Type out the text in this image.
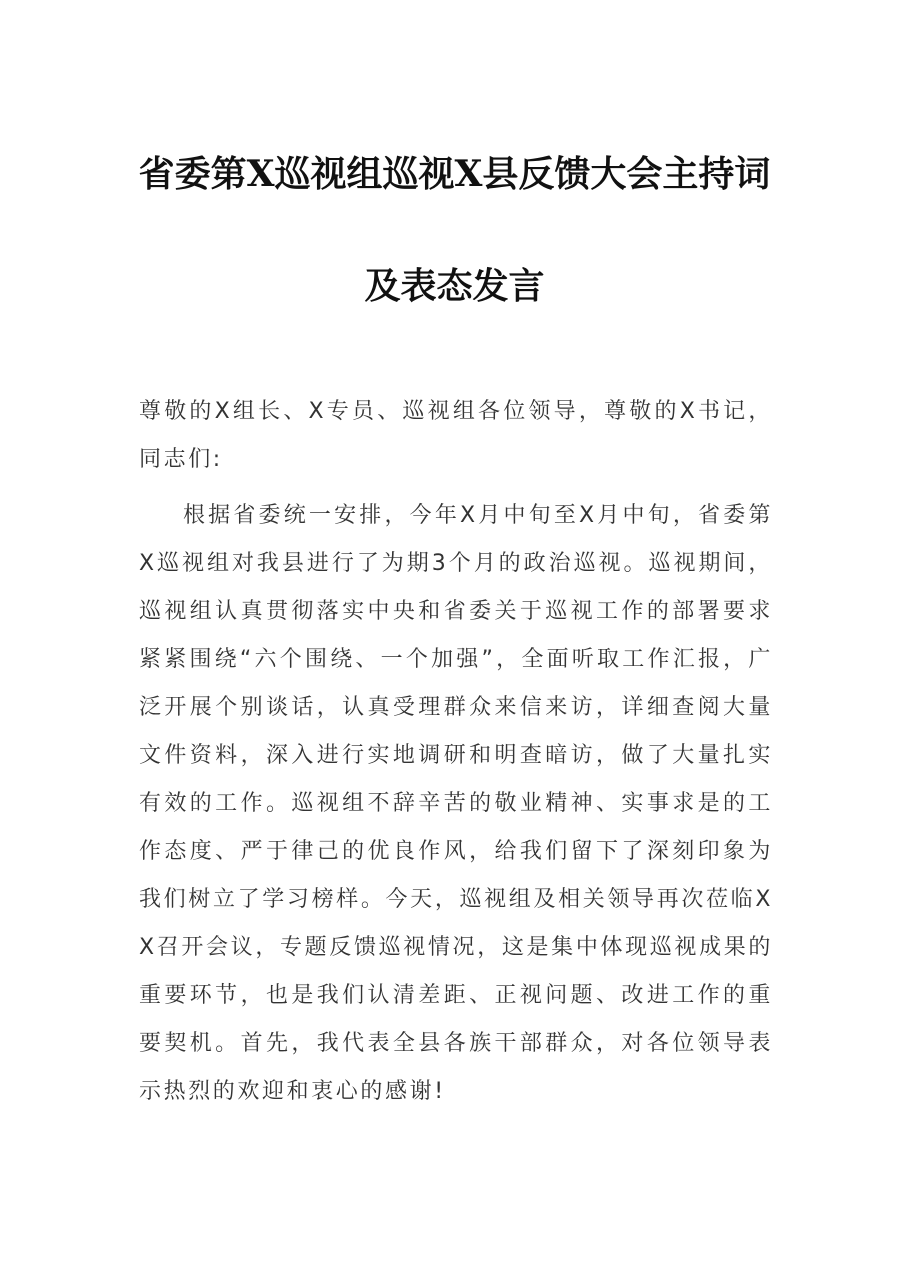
省委第X巡视组巡视X县反馈大会主持词
及表态发言

尊敬的X组长、X专员、巡视组各位领导，尊敬的X书记，同志们:

根据省委统一安排，今年X月中旬至X月中旬，省委第X巡视组对我县进行了为期3个月的政治巡视。巡视期间，巡视组认真贯彻落实中央和省委关于巡视工作的部署要求紧紧围绕“六个围绕、一个加强”，全面听取工作汇报，广泛开展个别谈话，认真受理群众来信来访，详细查阅大量文件资料，深入进行实地调研和明查暗访，做了大量扎实有效的工作。巡视组不辞辛苦的敬业精神、实事求是的工作态度、严于律己的优良作风，给我们留下了深刻印象为我们树立了学习榜样。今天，巡视组及相关领导再次莅临XX召开会议，专题反馈巡视情况，这是集中体现巡视成果的重要环节，也是我们认清差距、正视问题、改进工作的重要契机。首先，我代表全县各族干部群众，对各位领导表示热烈的欢迎和衷心的感谢!
